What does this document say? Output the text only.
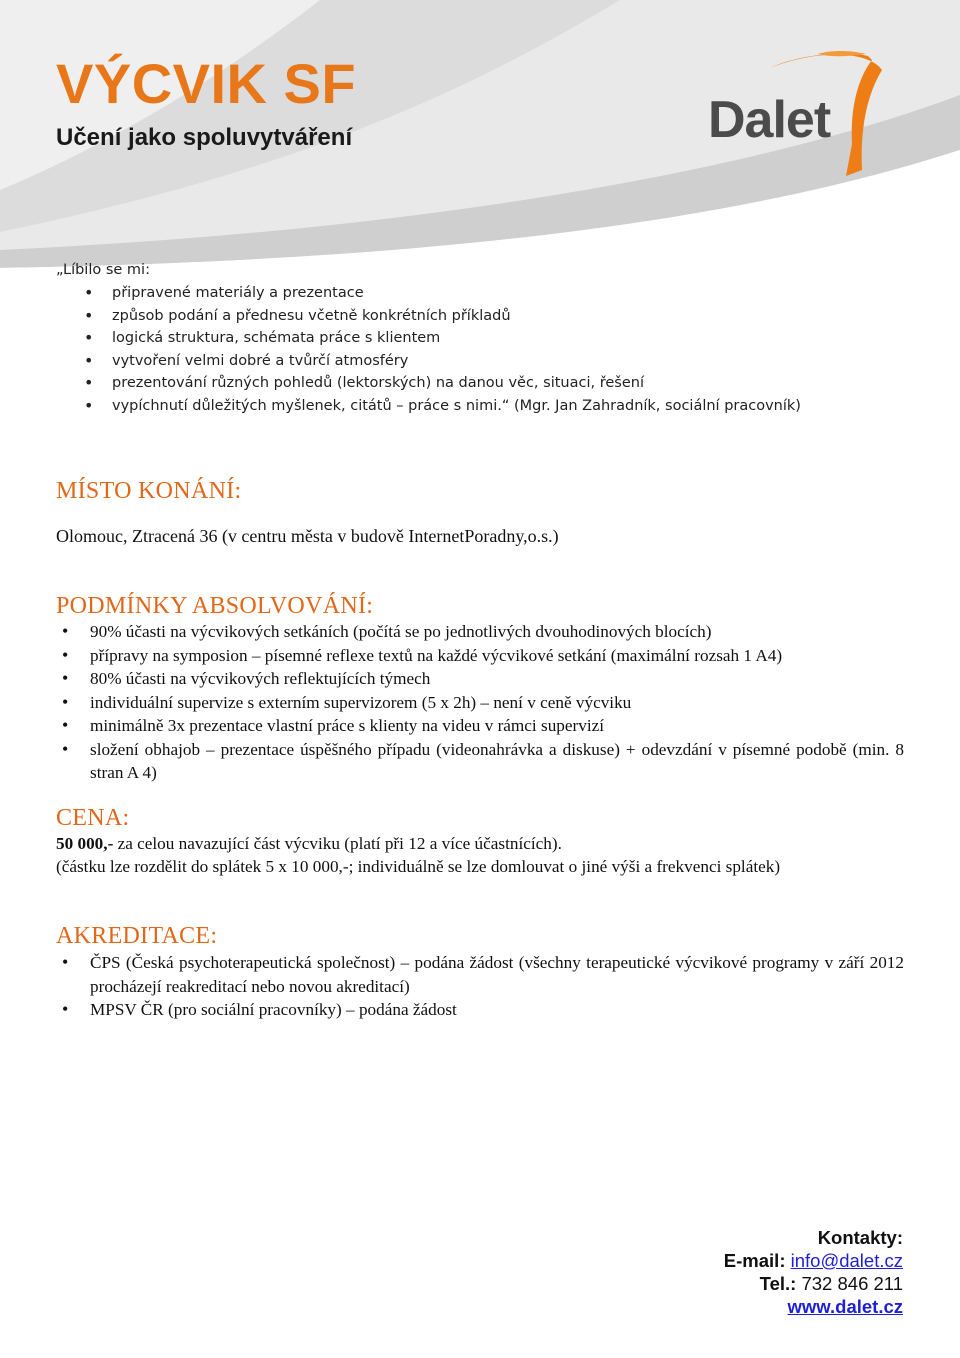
VÝCVIK SF
Učení jako spoluvytváření	Dalet

„Líbilo se mi:

• připravené materiály a prezentace
• způsob podání a přednesu včetně konkrétních příkladů
• logická struktura, schémata práce s klientem
• vytvoření velmi dobré a tvůrčí atmosféry
• prezentování různých pohledů (lektorských) na danou věc, situaci, řešení
• vypíchnutí důležitých myšlenek, citátů – práce s nimi.“ (Mgr. Jan Zahradník, sociální pracovník)
MÍSTO KONÁNÍ:

Olomouc, Ztracená 36 (v centru města v budově InternetPoradny,o.s.)

PODMÍNKY ABSOLVOVÁNÍ:
• 90% účasti na výcvikových setkáních (počítá se po jednotlivých dvouhodinových blocích)
• přípravy na symposion – písemné reflexe textů na každé výcvikové setkání (maximální rozsah 1 A4)
• 80% účasti na výcvikových reflektujících týmech
• individuální supervize s externím supervizorem (5 x 2h) – není v ceně výcviku
• minimálně 3x prezentace vlastní práce s klienty na videu v rámci supervizí
• složení obhajob – prezentace úspěšného případu (videonahrávka a diskuse) + odevzdání v písemné podobě (min. 8 stran A 4)
CENA:

50 000,- za celou navazující část výcviku (platí při 12 a více účastnících).

(částku lze rozdělit do splátek 5 x 10 000,-; individuálně se lze domlouvat o jiné výši a frekvenci splátek)

AKREDITACE:
• ČPS (Česká psychoterapeutická společnost) – podána žádost (všechny terapeutické výcvikové programy v září 2012 procházejí reakreditací nebo novou akreditací)
• MPSV ČR (pro sociální pracovníky) – podána žádost

Kontakty:

E-mail: info@dalet.cz

Tel.: 732 846 211

www.dalet.cz
